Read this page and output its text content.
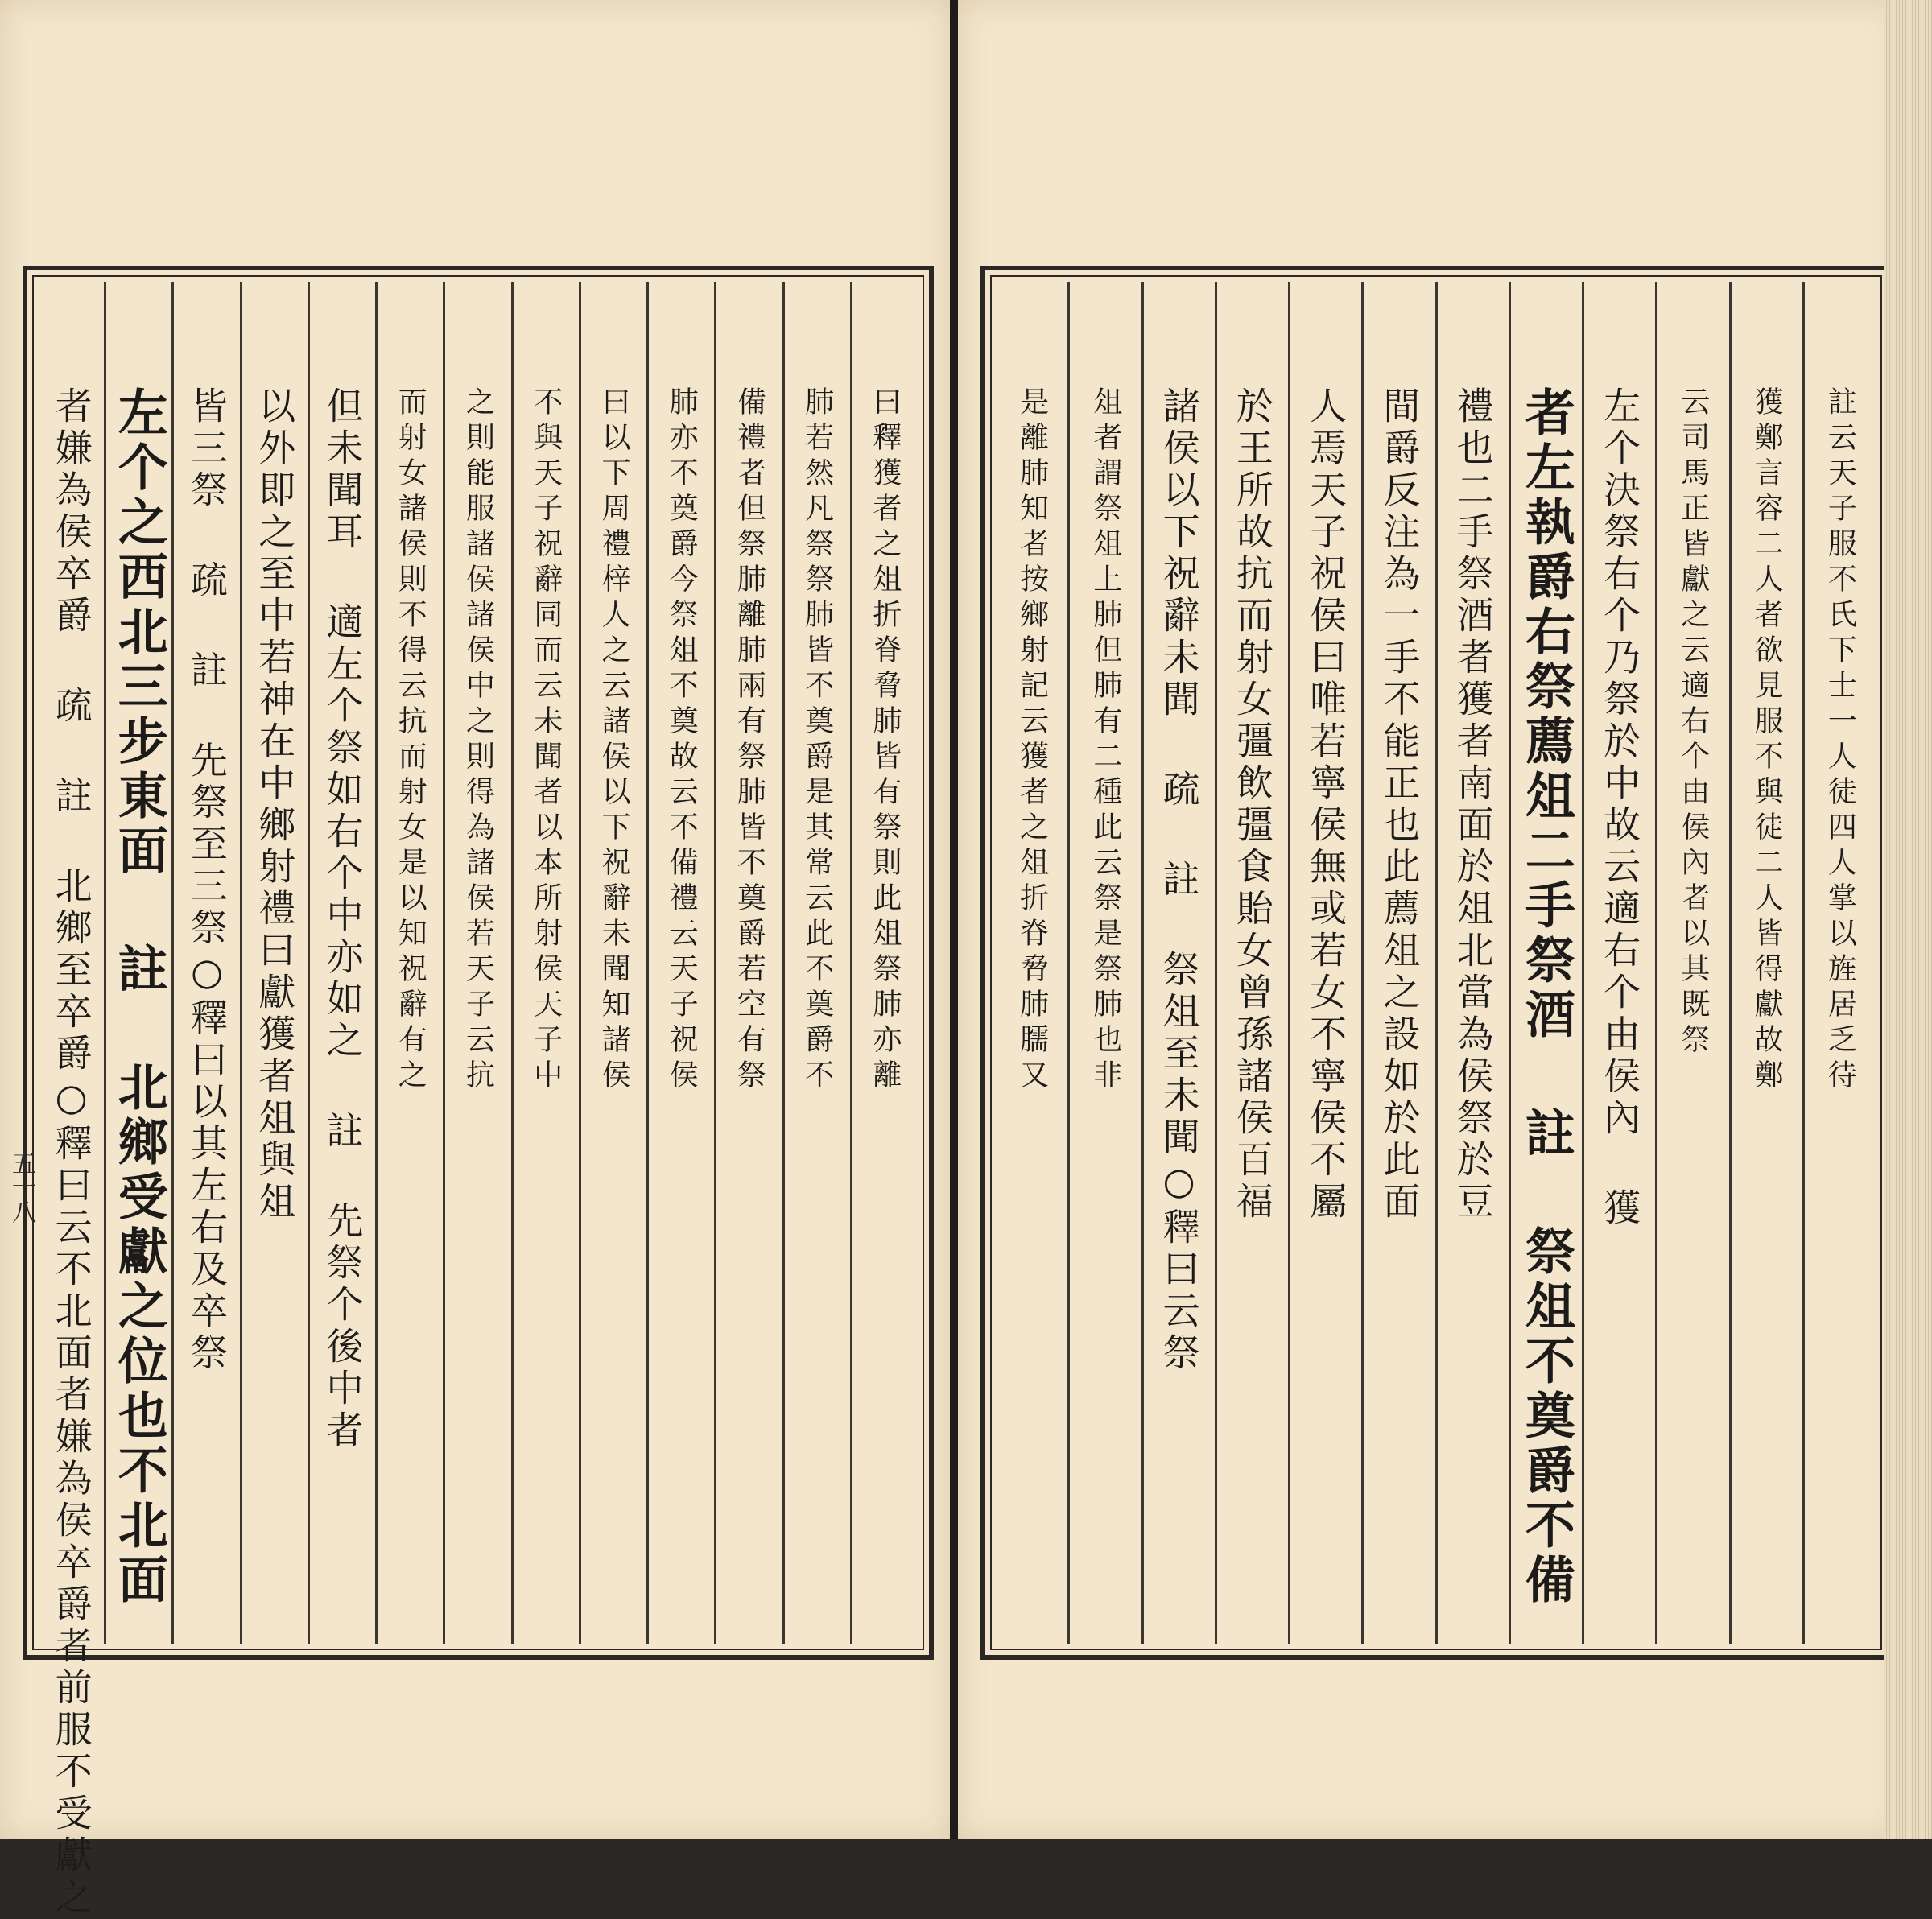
曰釋獲者之俎折脊脅肺皆有祭則此俎祭肺亦離
肺若然凡祭祭肺皆不奠爵是其常云此不奠爵不
備禮者但祭肺離肺兩有祭肺皆不奠爵若空有祭
肺亦不奠爵今祭俎不奠故云不備禮云天子祝侯
曰以下周禮梓人之云諸侯以下祝辭未聞知諸侯
不與天子祝辭同而云未聞者以本所射侯天子中
之則能服諸侯諸侯中之則得為諸侯若天子云抗
而射女諸侯則不得云抗而射女是以知祝辭有之
但未聞耳 適左个祭如右个中亦如之 註 先祭个後中者
以外即之至中若神在中鄉射禮曰獻獲者俎與俎
皆三祭 疏 註 先祭至三祭○釋曰以其左右及卒祭
左个之西北三步東面 註 北鄉受獻之位也不北面
者嫌為侯卒爵 疏 註 北鄉至卒爵○釋曰云不北面者嫌為侯卒爵者前服不受獻之
五十八
註云天子服不氏下士一人徒四人掌以旌居乏待
獲鄭言容二人者欲見服不與徒二人皆得獻故鄭
云司馬正皆獻之云適右个由侯內者以其既祭
左个決祭右个乃祭於中故云適右个由侯內 獲
者左執爵右祭薦俎二手祭酒 註 祭俎不奠爵不備
禮也二手祭酒者獲者南面於俎北當為侯祭於豆
間爵反注為一手不能正也此薦俎之設如於此面
人焉天子祝侯曰唯若寧侯無或若女不寧侯不屬
於王所故抗而射女彊飲彊食貽女曾孫諸侯百福
諸侯以下祝辭未聞 疏 註 祭俎至未聞○釋曰云祭
俎者謂祭俎上肺但肺有二種此云祭是祭肺也非
是離肺知者按鄉射記云獲者之俎折脊脅肺臑又
